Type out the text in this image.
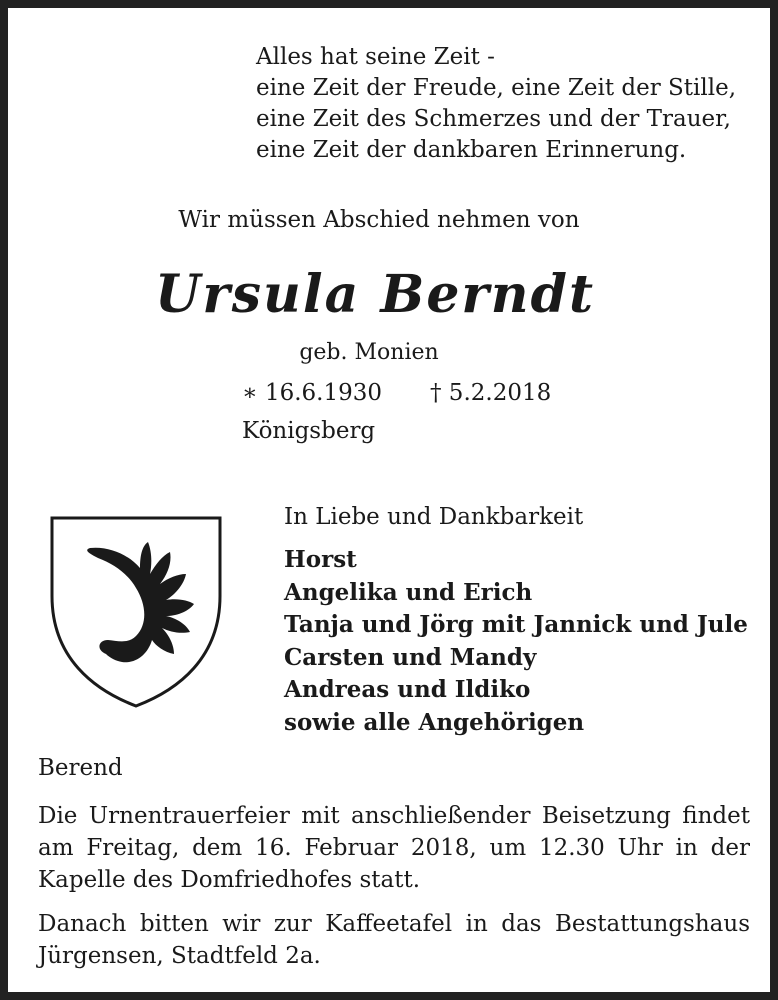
Alles hat seine Zeit -
eine Zeit der Freude, eine Zeit der Stille,
eine Zeit des Schmerzes und der Trauer,
eine Zeit der dankbaren Erinnerung.
Wir müssen Abschied nehmen von
Ursula Berndt
geb. Monien
∗ 16.6.1930 † 5.2.2018
Königsberg
In Liebe und Dankbarkeit
Horst
Angelika und Erich
Tanja und Jörg mit Jannick und Jule
Carsten und Mandy
Andreas und Ildiko
sowie alle Angehörigen
Berend
Die Urnentrauerfeier mit anschließender Beisetzung findet am Freitag, dem 16. Februar 2018, um 12.30 Uhr in der Kapelle des Domfriedhofes statt.
Danach bitten wir zur Kaffeetafel in das Bestattungshaus Jürgensen, Stadtfeld 2a.
